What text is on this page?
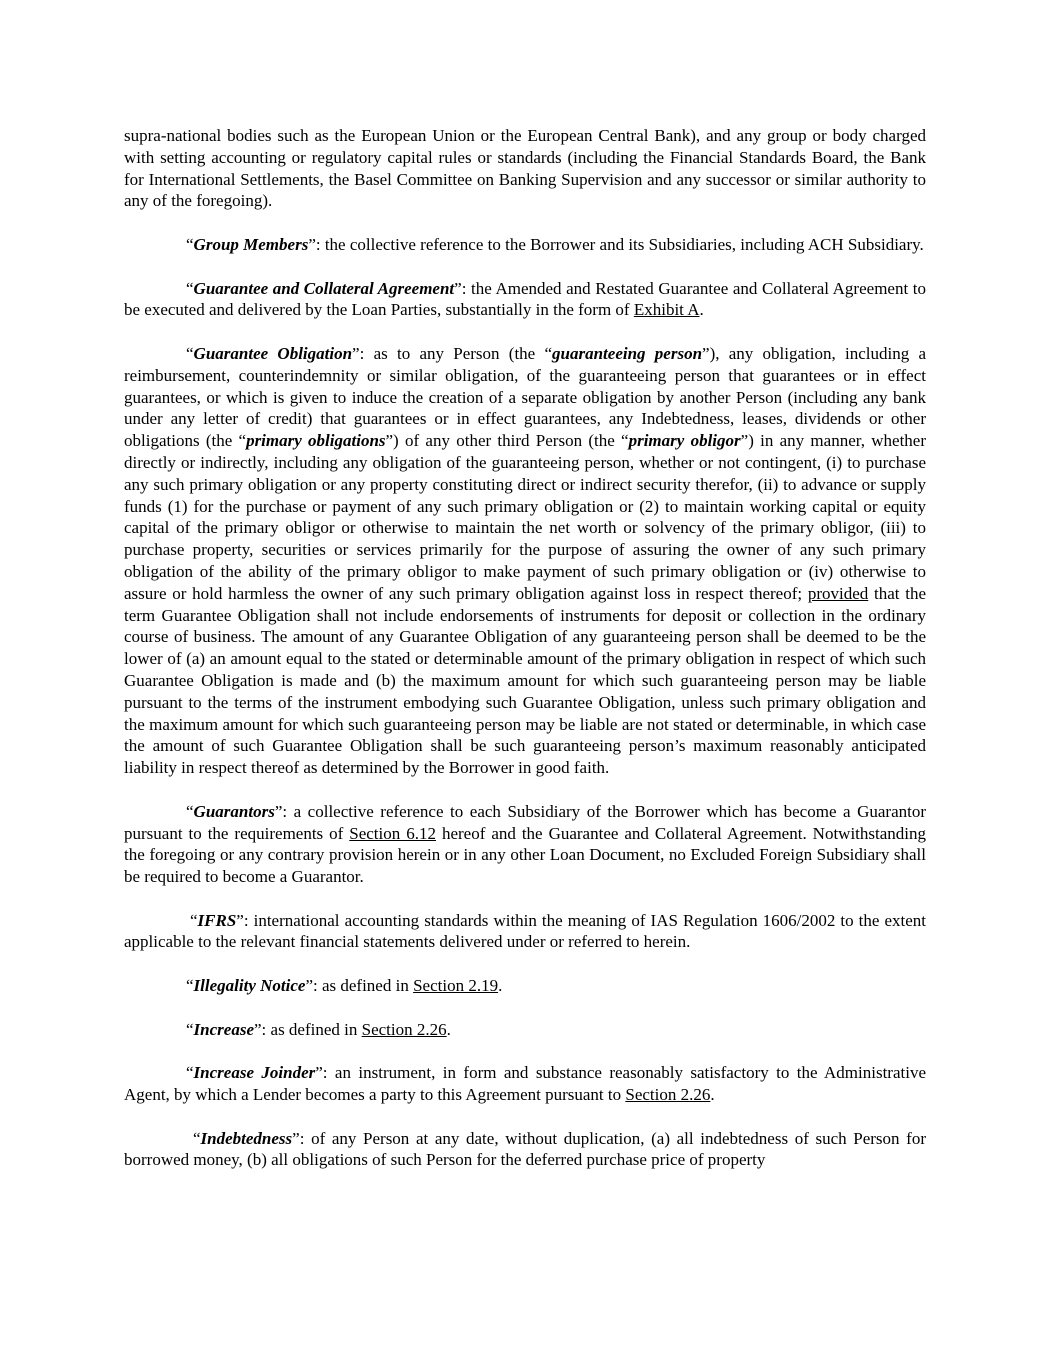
supra-national bodies such as the European Union or the European Central Bank), and any group or body charged with setting accounting or regulatory capital rules or standards (including the Financial Standards Board, the Bank for International Settlements, the Basel Committee on Banking Supervision and any successor or similar authority to any of the foregoing).

“Group Members”: the collective reference to the Borrower and its Subsidiaries, including ACH Subsidiary.

“Guarantee and Collateral Agreement”: the Amended and Restated Guarantee and Collateral Agreement to be executed and delivered by the Loan Parties, substantially in the form of Exhibit A.

“Guarantee Obligation”: as to any Person (the “guaranteeing person”), any obligation, including a reimbursement, counterindemnity or similar obligation, of the guaranteeing person that guarantees or in effect guarantees, or which is given to induce the creation of a separate obligation by another Person (including any bank under any letter of credit) that guarantees or in effect guarantees, any Indebtedness, leases, dividends or other obligations (the “primary obligations”) of any other third Person (the “primary obligor”) in any manner, whether directly or indirectly, including any obligation of the guaranteeing person, whether or not contingent, (i) to purchase any such primary obligation or any property constituting direct or indirect security therefor, (ii) to advance or supply funds (1) for the purchase or payment of any such primary obligation or (2) to maintain working capital or equity capital of the primary obligor or otherwise to maintain the net worth or solvency of the primary obligor, (iii) to purchase property, securities or services primarily for the purpose of assuring the owner of any such primary obligation of the ability of the primary obligor to make payment of such primary obligation or (iv) otherwise to assure or hold harmless the owner of any such primary obligation against loss in respect thereof; provided that the term Guarantee Obligation shall not include endorsements of instruments for deposit or collection in the ordinary course of business. The amount of any Guarantee Obligation of any guaranteeing person shall be deemed to be the lower of (a) an amount equal to the stated or determinable amount of the primary obligation in respect of which such Guarantee Obligation is made and (b) the maximum amount for which such guaranteeing person may be liable pursuant to the terms of the instrument embodying such Guarantee Obligation, unless such primary obligation and the maximum amount for which such guaranteeing person may be liable are not stated or determinable, in which case the amount of such Guarantee Obligation shall be such guaranteeing person’s maximum reasonably anticipated liability in respect thereof as determined by the Borrower in good faith.

“Guarantors”: a collective reference to each Subsidiary of the Borrower which has become a Guarantor pursuant to the requirements of Section 6.12 hereof and the Guarantee and Collateral Agreement. Notwithstanding the foregoing or any contrary provision herein or in any other Loan Document, no Excluded Foreign Subsidiary shall be required to become a Guarantor.

“IFRS”: international accounting standards within the meaning of IAS Regulation 1606/2002 to the extent applicable to the relevant financial statements delivered under or referred to herein.

“Illegality Notice”: as defined in Section 2.19.

“Increase”: as defined in Section 2.26.

“Increase Joinder”: an instrument, in form and substance reasonably satisfactory to the Administrative Agent, by which a Lender becomes a party to this Agreement pursuant to Section 2.26.

“Indebtedness”: of any Person at any date, without duplication, (a) all indebtedness of such Person for borrowed money, (b) all obligations of such Person for the deferred purchase price of property
